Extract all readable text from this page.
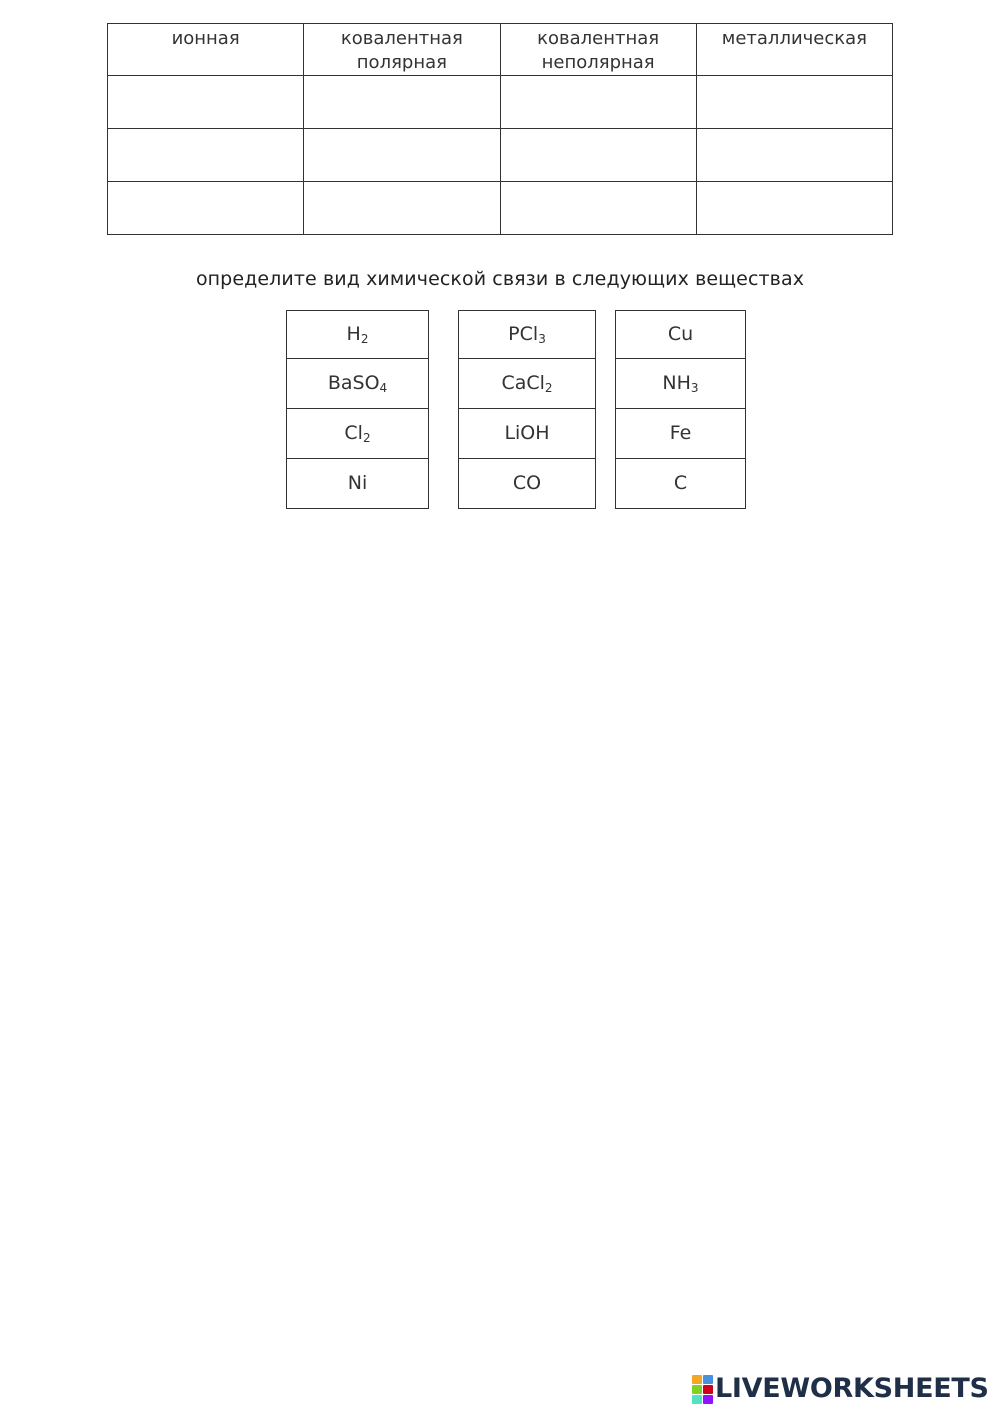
ионная	ковалентная полярная	ковалентная неполярная	металлическая

определите вид химической связи в следующих веществах
$H_2$
BaSO$_4$
$Cl_2$
Ni
PCl$_3$
CaCl$_2$
LiOH
CO
Cu
$NH_3$
Fe
C
LIVEWORKSHEETS
